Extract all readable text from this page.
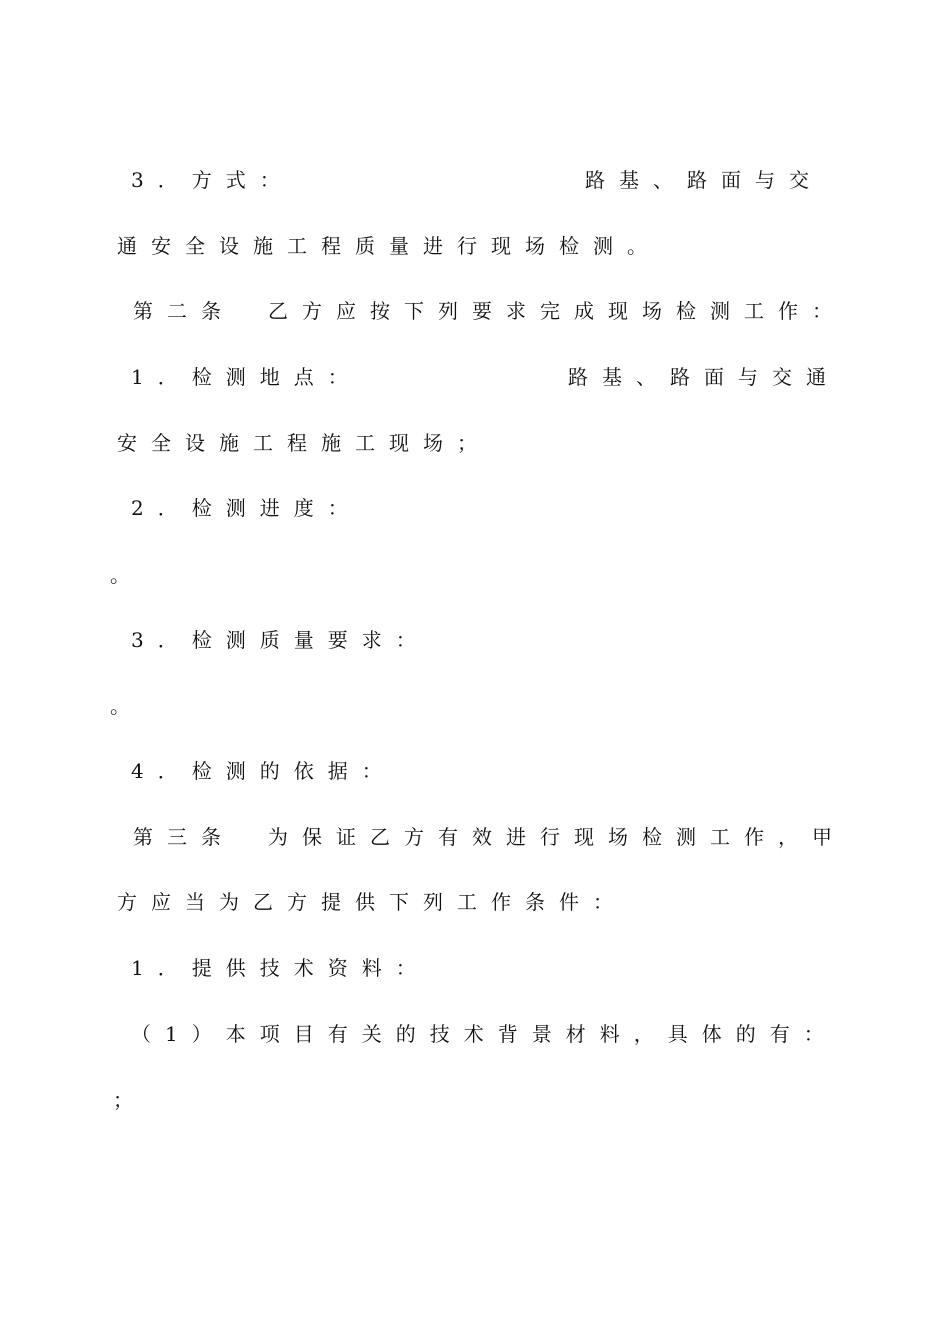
3．方式：	路基、路面与交
通安全设施工程质量进行现场检测。
第二条 乙方应按下列要求完成现场检测工作：
1．检测地点：	路基、路面与交通
安全设施工程施工现场；
2．检测进度：
。
3．检测质量要求：
。
4．检测的依据：
第三条 为保证乙方有效进行现场检测工作，甲
方应当为乙方提供下列工作条件：
1．提供技术资料：
（1）本项目有关的技术背景材料，具体的有：
；
